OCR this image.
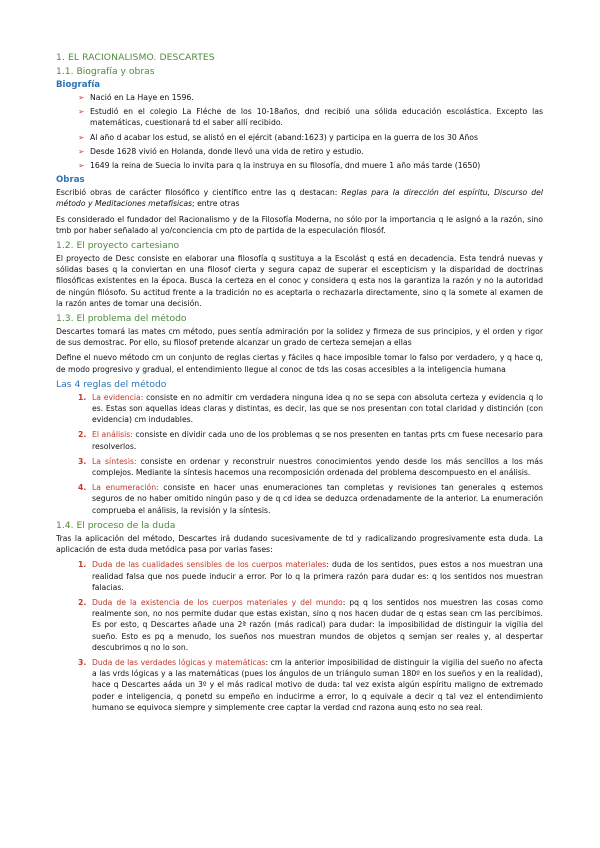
1. EL RACIONALISMO. DESCARTES
1.1. Biografía y obras
Biografía
➢ Nació en La Haye en 1596.
➢ Estudió en el colegio La Fléche de los 10-18años, dnd recibió una sólida educación escolástica. Excepto las matemáticas, cuestionará td el saber allí recibido.
➢ Al año d acabar los estud, se alistó en el ejércit (aband:1623) y participa en la guerra de los 30 Años
➢ Desde 1628 vivió en Holanda, donde llevó una vida de retiro y estudio.
➢ 1649 la reina de Suecia lo invita para q la instruya en su filosofía, dnd muere 1 año más tarde (1650)
Obras

Escribió obras de carácter filosófico y científico entre las q destacan: Reglas para la dirección del espíritu, Discurso del método y Meditaciones metafísicas; entre otras

Es considerado el fundador del Racionalismo y de la Filosofía Moderna, no sólo por la importancia q le asignó a la razón, sino tmb por haber señalado al yo/conciencia cm pto de partida de la especulación filosóf.

1.2. El proyecto cartesiano

El proyecto de Desc consiste en elaborar una filosofía q sustituya a la Escolást q está en decadencia. Esta tendrá nuevas y sólidas bases q la conviertan en una filosof cierta y segura capaz de superar el escepticism y la disparidad de doctrinas filosóficas existentes en la época. Busca la certeza en el conoc y considera q esta nos la garantiza la razón y no la autoridad de ningún filósofo. Su actitud frente a la tradición no es aceptarla o rechazarla directamente, sino q la somete al examen de la razón antes de tomar una decisión.

1.3. El problema del método

Descartes tomará las mates cm método, pues sentía admiración por la solidez y firmeza de sus principios, y el orden y rigor de sus demostrac. Por ello, su filosof pretende alcanzar un grado de certeza semejan a ellas

Define el nuevo método cm un conjunto de reglas ciertas y fáciles q hace imposible tomar lo falso por verdadero, y q hace q, de modo progresivo y gradual, el entendimiento llegue al conoc de tds las cosas accesibles a la inteligencia humana

Las 4 reglas del método
1. La evidencia: consiste en no admitir cm verdadera ninguna idea q no se sepa con absoluta certeza y evidencia q lo es. Estas son aquellas ideas claras y distintas, es decir, las que se nos presentan con total claridad y distinción (con evidencia) cm indudables.
2. El análisis: consiste en dividir cada uno de los problemas q se nos presenten en tantas prts cm fuese necesario para resolverlos.
3. La síntesis: consiste en ordenar y reconstruir nuestros conocimientos yendo desde los más sencillos a los más complejos. Mediante la síntesis hacemos una recomposición ordenada del problema descompuesto en el análisis.
4. La enumeración: consiste en hacer unas enumeraciones tan completas y revisiones tan generales q estemos seguros de no haber omitido ningún paso y de q cd idea se deduzca ordenadamente de la anterior. La enumeración comprueba el análisis, la revisión y la síntesis.
1.4. El proceso de la duda

Tras la aplicación del método, Descartes irá dudando sucesivamente de td y radicalizando progresivamente esta duda. La aplicación de esta duda metódica pasa por varias fases:

1. Duda de las cualidades sensibles de los cuerpos materiales: duda de los sentidos, pues estos a nos muestran una realidad falsa que nos puede inducir a error. Por lo q la primera razón para dudar es: q los sentidos nos muestran falacias.
2. Duda de la existencia de los cuerpos materiales y del mundo: pq q los sentidos nos muestren las cosas como realmente son, no nos permite dudar que estas existan, sino q nos hacen dudar de q estas sean cm las percibimos. Es por esto, q Descartes añade una 2ª razón (más radical) para dudar: la imposibilidad de distinguir la vigilia del sueño. Esto es pq a menudo, los sueños nos muestran mundos de objetos q semjan ser reales y, al despertar descubrimos q no lo son.
3. Duda de las verdades lógicas y matemáticas: cm la anterior imposibilidad de distinguir la vigilia del sueño no afecta a las vrds lógicas y a las matemáticas (pues los ángulos de un triángulo suman 180º en los sueños y en la realidad), hace q Descartes aáda un 3º y el más radical motivo de duda: tal vez exista algún espíritu maligno de extremado poder e inteligencia, q ponetd su empeño en inducirme a error, lo q equivale a decir q tal vez el entendimiento humano se equivoca siempre y simplemente cree captar la verdad cnd razona aunq esto no sea real.
